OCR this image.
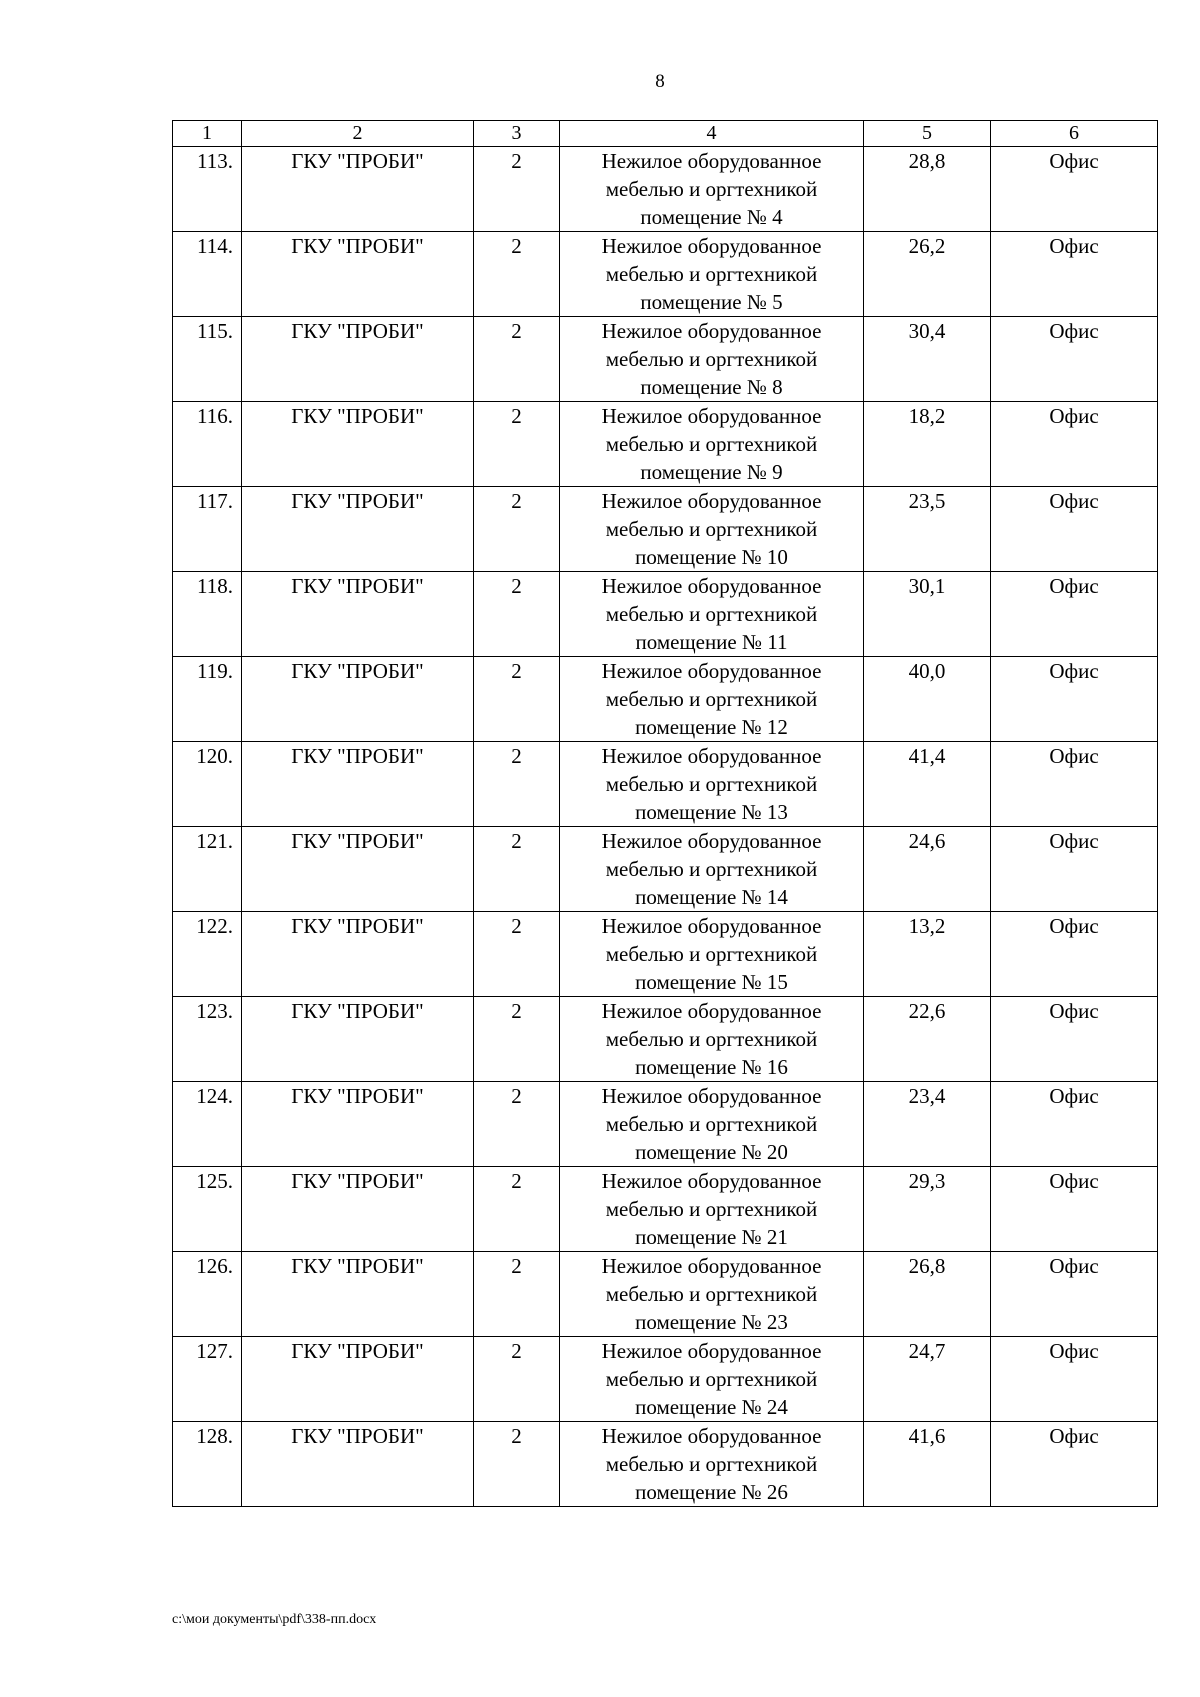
8
1	2	3	4	5	6
113.	ГКУ "ПРОБИ"	2	Нежилое оборудованное
мебелью и оргтехникой
помещение № 4	28,8	Офис
114.	ГКУ "ПРОБИ"	2	Нежилое оборудованное
мебелью и оргтехникой
помещение № 5	26,2	Офис
115.	ГКУ "ПРОБИ"	2	Нежилое оборудованное
мебелью и оргтехникой
помещение № 8	30,4	Офис
116.	ГКУ "ПРОБИ"	2	Нежилое оборудованное
мебелью и оргтехникой
помещение № 9	18,2	Офис
117.	ГКУ "ПРОБИ"	2	Нежилое оборудованное
мебелью и оргтехникой
помещение № 10	23,5	Офис
118.	ГКУ "ПРОБИ"	2	Нежилое оборудованное
мебелью и оргтехникой
помещение № 11	30,1	Офис
119.	ГКУ "ПРОБИ"	2	Нежилое оборудованное
мебелью и оргтехникой
помещение № 12	40,0	Офис
120.	ГКУ "ПРОБИ"	2	Нежилое оборудованное
мебелью и оргтехникой
помещение № 13	41,4	Офис
121.	ГКУ "ПРОБИ"	2	Нежилое оборудованное
мебелью и оргтехникой
помещение № 14	24,6	Офис
122.	ГКУ "ПРОБИ"	2	Нежилое оборудованное
мебелью и оргтехникой
помещение № 15	13,2	Офис
123.	ГКУ "ПРОБИ"	2	Нежилое оборудованное
мебелью и оргтехникой
помещение № 16	22,6	Офис
124.	ГКУ "ПРОБИ"	2	Нежилое оборудованное
мебелью и оргтехникой
помещение № 20	23,4	Офис
125.	ГКУ "ПРОБИ"	2	Нежилое оборудованное
мебелью и оргтехникой
помещение № 21	29,3	Офис
126.	ГКУ "ПРОБИ"	2	Нежилое оборудованное
мебелью и оргтехникой
помещение № 23	26,8	Офис
127.	ГКУ "ПРОБИ"	2	Нежилое оборудованное
мебелью и оргтехникой
помещение № 24	24,7	Офис
128.	ГКУ "ПРОБИ"	2	Нежилое оборудованное
мебелью и оргтехникой
помещение № 26	41,6	Офис
c:\мои документы\pdf\338-пп.docx
